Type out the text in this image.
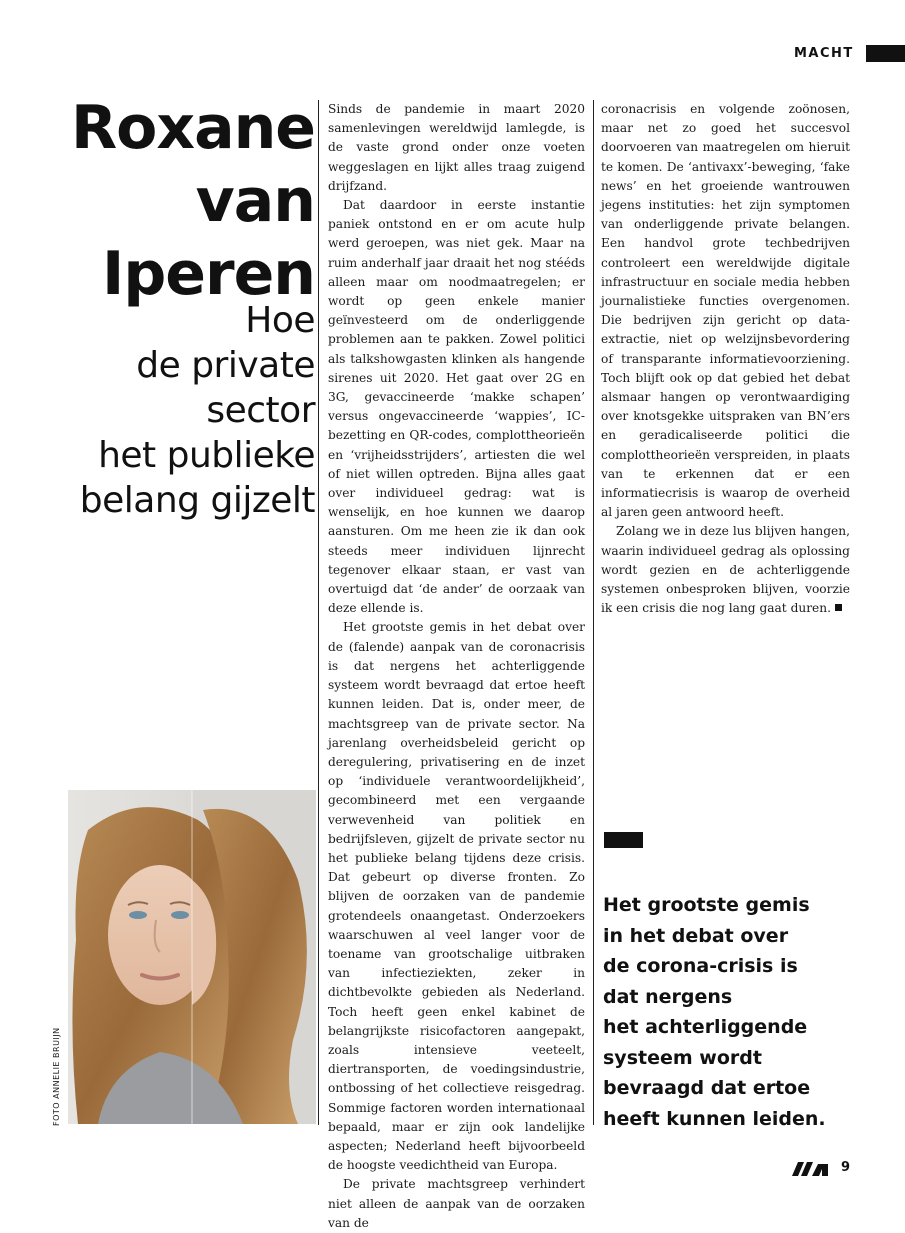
MACHT
Roxane
van
Iperen
Hoe
de private
sector
het publieke
belang gijzelt
FOTO ANNELIE BRUIJN

Sinds de pandemie in maart 2020 samenlevingen wereldwijd lamlegde, is de vaste grond onder onze voeten weggeslagen en lijkt alles traag zuigend drijfzand.

Dat daardoor in eerste instantie paniek ontstond en er om acute hulp werd geroepen, was niet gek. Maar na ruim anderhalf jaar draait het nog stééds alleen maar om noodmaatregelen; er wordt op geen enkele manier geïnvesteerd om de onderliggende problemen aan te pakken. Zowel politici als talkshowgasten klinken als hangende sirenes uit 2020. Het gaat over 2G en 3G, gevaccineerde ‘makke schapen’ versus ongevaccineerde ‘wappies’, IC-bezetting en QR-codes, complottheorieën en ‘vrijheidsstrijders’, artiesten die wel of niet willen optreden. Bijna alles gaat over individueel gedrag: wat is wenselijk, en hoe kunnen we daarop aansturen. Om me heen zie ik dan ook steeds meer individuen lijnrecht tegenover elkaar staan, er vast van overtuigd dat ‘de ander’ de oorzaak van deze ellende is.

Het grootste gemis in het debat over de (falende) aanpak van de coronacrisis is dat nergens het achterliggende systeem wordt bevraagd dat ertoe heeft kunnen leiden. Dat is, onder meer, de machtsgreep van de private sector. Na jarenlang overheidsbeleid gericht op deregulering, privatisering en de inzet op ‘individuele verantwoordelijkheid’, gecombineerd met een vergaande verwevenheid van politiek en bedrijfsleven, gijzelt de private sector nu het publieke belang tijdens deze crisis. Dat gebeurt op diverse fronten. Zo blijven de oorzaken van de pandemie grotendeels onaangetast. Onderzoekers waarschuwen al veel langer voor de toename van grootschalige uitbraken van infectieziekten, zeker in dichtbevolkte gebieden als Nederland. Toch heeft geen enkel kabinet de belangrijkste risicofactoren aangepakt, zoals intensieve veeteelt, diertransporten, de voedingsindustrie, ontbossing of het collectieve reisgedrag. Sommige factoren worden internationaal bepaald, maar er zijn ook landelijke aspecten; Nederland heeft bijvoorbeeld de hoogste veedichtheid van Europa.

De private machtsgreep verhindert niet alleen de aanpak van de oorzaken van de

coronacrisis en volgende zoönosen, maar net zo goed het succesvol doorvoeren van maatregelen om hieruit te komen. De ‘antivaxx’-beweging, ‘fake news’ en het groeiende wantrouwen jegens instituties: het zijn symptomen van onderliggende private belangen. Een handvol grote techbedrijven controleert een wereldwijde digitale infrastructuur en sociale media hebben journalistieke functies overgenomen. Die bedrijven zijn gericht op data-extractie, niet op welzijnsbevordering of transparante informatievoorziening. Toch blijft ook op dat gebied het debat alsmaar hangen op verontwaardiging over knotsgekke uitspraken van BN’ers en geradicaliseerde politici die complottheorieën verspreiden, in plaats van te erkennen dat er een informatiecrisis is waarop de overheid al jaren geen antwoord heeft.

Zolang we in deze lus blijven hangen, waarin individueel gedrag als oplossing wordt gezien en de achterliggende systemen onbesproken blijven, voorzie ik een crisis die nog lang gaat duren.

Het grootste gemis
in het debat over
de corona-crisis is
dat nergens
het achterliggende
systeem wordt
bevraagd dat ertoe
heeft kunnen leiden.
9
